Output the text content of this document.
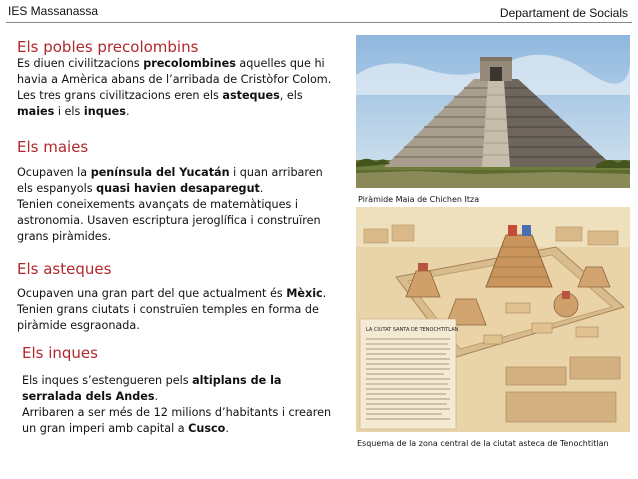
IES Massanassa	Departament de Socials
Els pobles precolombins
Es diuen civilitzacions precolombines aquelles que hi havia a Amèrica abans de l’arribada de Cristòfor Colom.
Les tres grans civilitzacions eren els asteques, els maies i els inques.
Els maies
Ocupaven la península del Yucatán i quan arribaren els espanyols quasi havien desaparegut.
Tenien coneixements avançats de matemàtiques i astronomia. Usaven escriptura jeroglífica i construïren grans piràmides.
Els asteques
Ocupaven una gran part del que actualment és Mèxic.
Tenien grans ciutats i construïen temples en forma de piràmide esgraonada.
Els inques
Els inques s’estengueren pels altiplans de la serralada dels Andes.
Arribaren a ser més de 12 milions d’habitants i crearen un gran imperi amb capital a Cusco.
Piràmide Maia de Chichen Itza
LA CIUTAT SANTA DE TENOCHTITLAN
Esquema de la zona central de la ciutat asteca de Tenochtitlan
